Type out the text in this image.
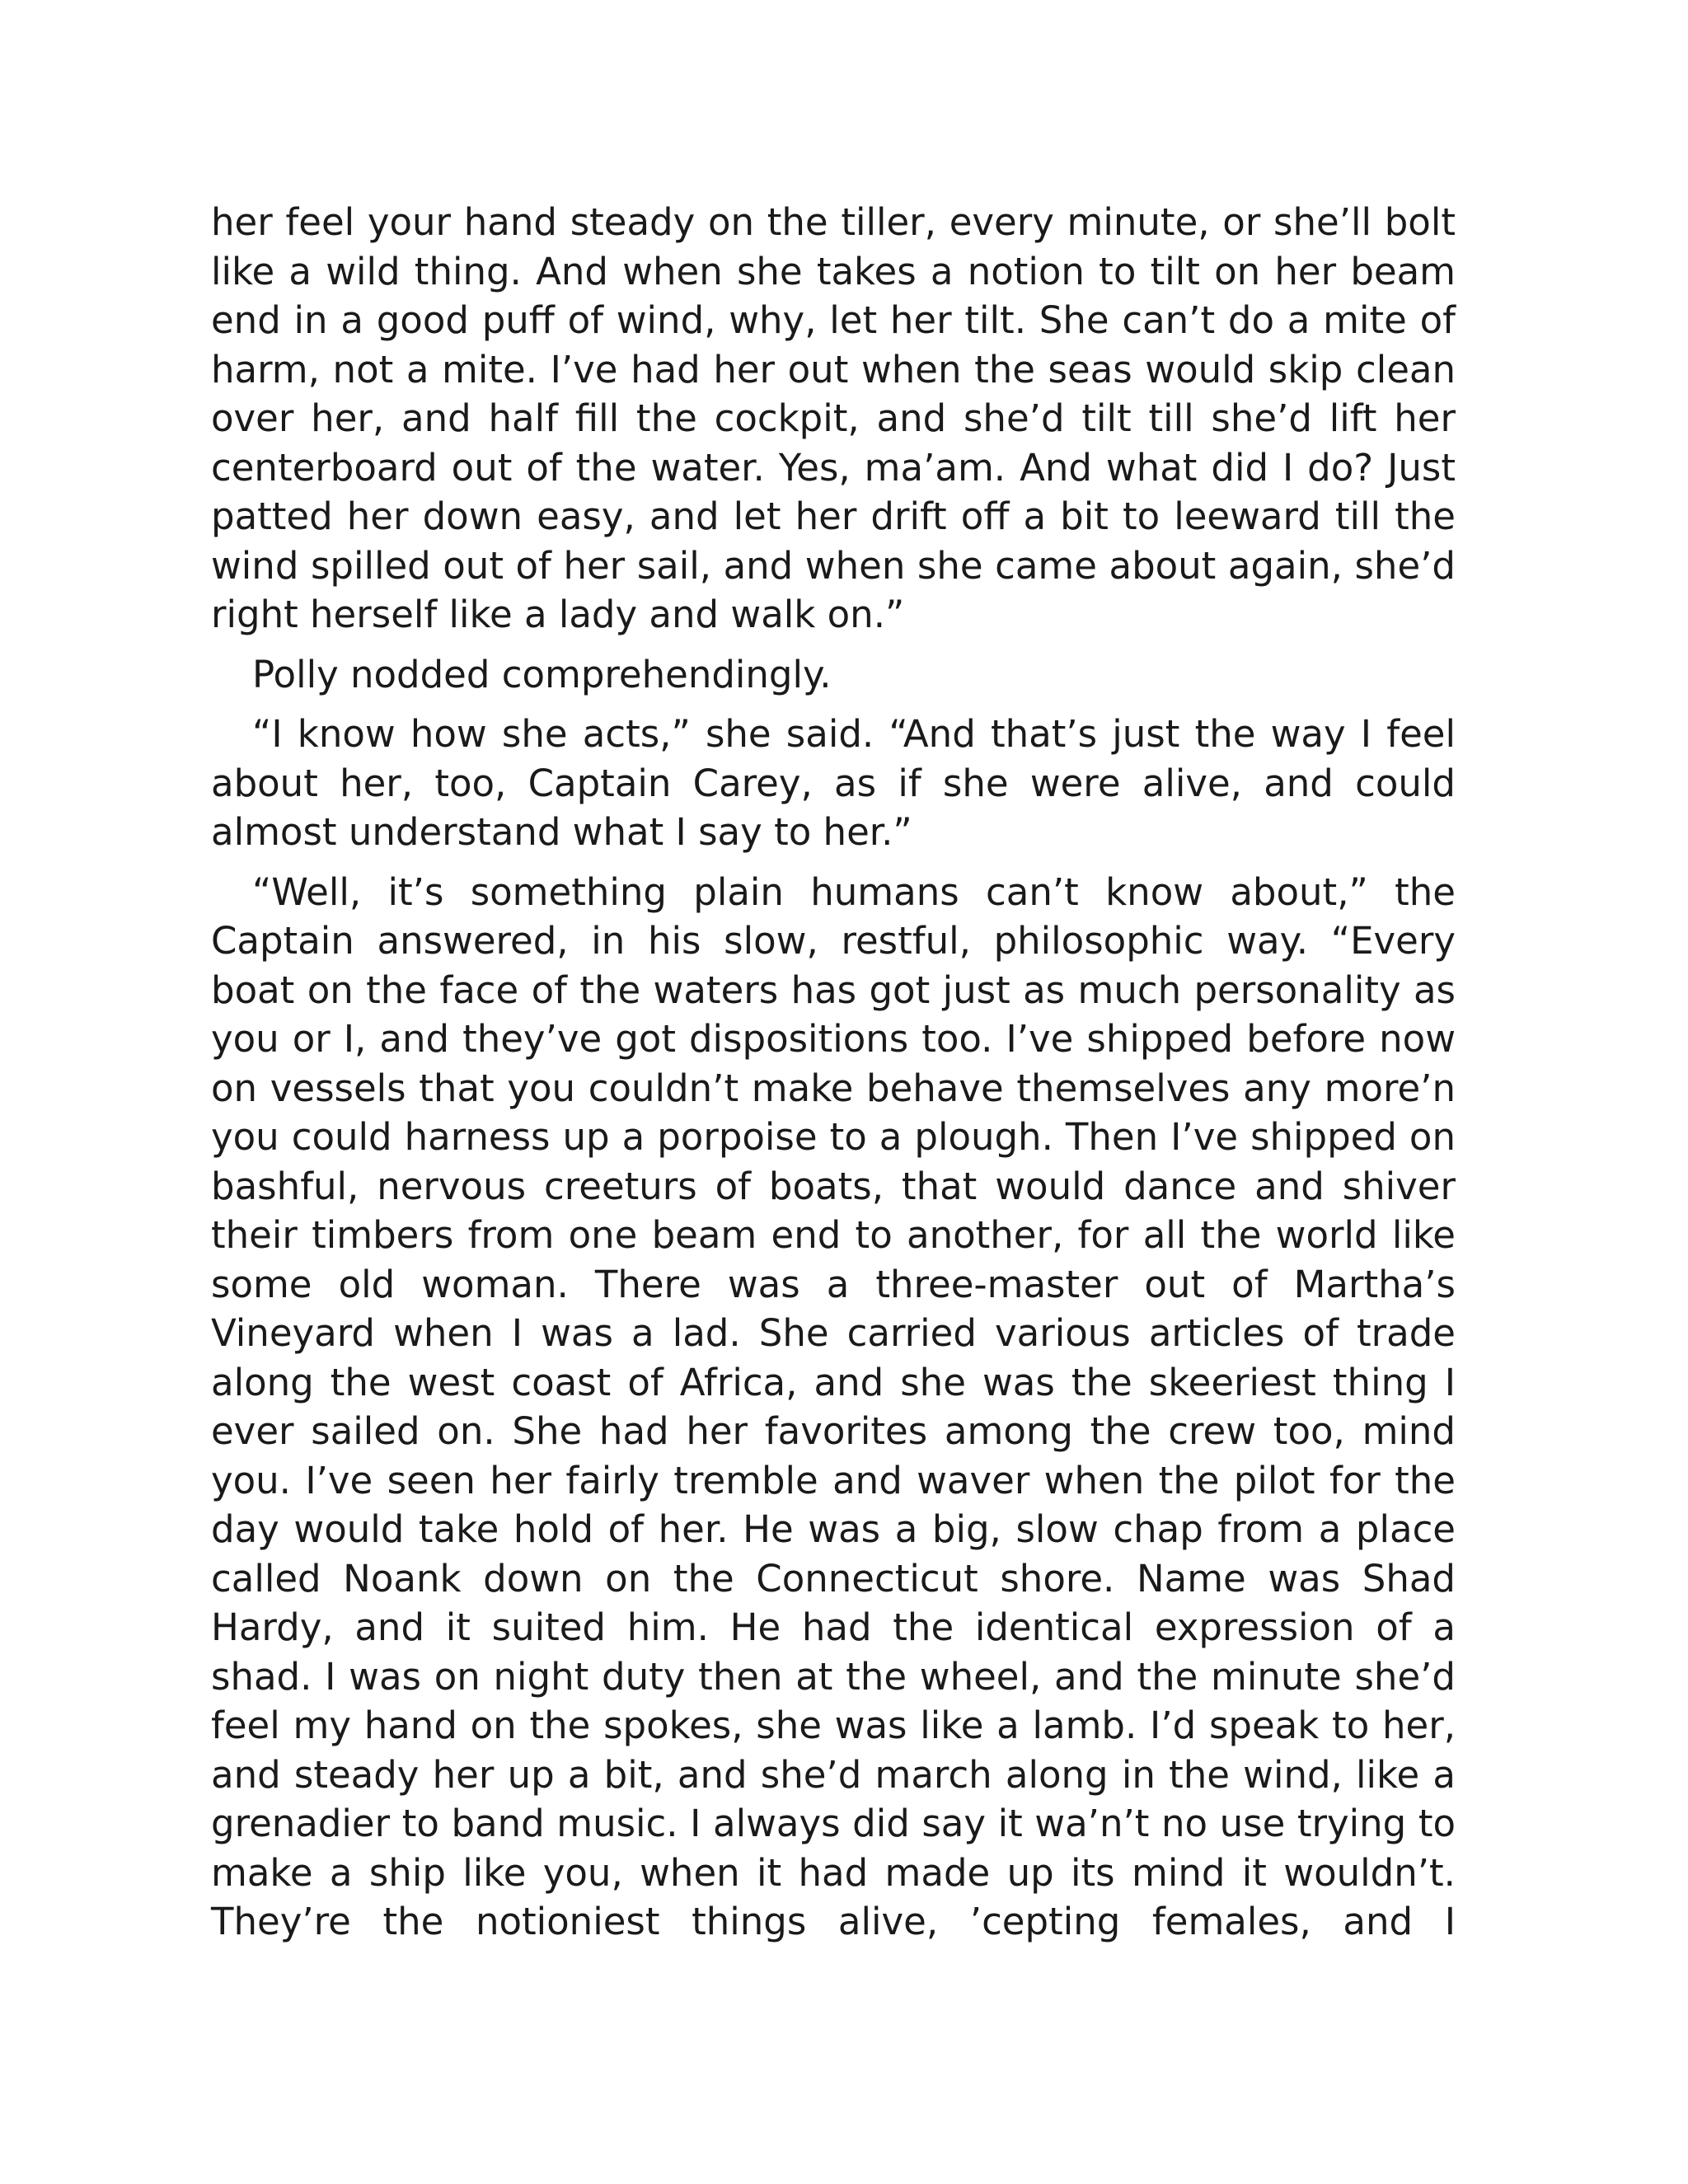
her feel your hand steady on the tiller, every minute, or she’ll bolt like a wild thing. And when she takes a notion to tilt on her beam end in a good puff of wind, why, let her tilt. She can’t do a mite of harm, not a mite. I’ve had her out when the seas would skip clean over her, and half fill the cockpit, and she’d tilt till she’d lift her centerboard out of the water. Yes, ma’am. And what did I do? Just patted her down easy, and let her drift off a bit to leeward till the wind spilled out of her sail, and when she came about again, she’d right herself like a lady and walk on.”

Polly nodded comprehendingly.

“I know how she acts,” she said. “And that’s just the way I feel about her, too, Captain Carey, as if she were alive, and could almost understand what I say to her.”

“Well, it’s something plain humans can’t know about,” the Captain answered, in his slow, restful, philosophic way. “Every boat on the face of the waters has got just as much personality as you or I, and they’ve got dispositions too. I’ve shipped before now on vessels that you couldn’t make behave themselves any more’n you could harness up a porpoise to a plough. Then I’ve shipped on bashful, nervous creeturs of boats, that would dance and shiver their timbers from one beam end to another, for all the world like some old woman. There was a three-master out of Martha’s Vineyard when I was a lad. She carried various articles of trade along the west coast of Africa, and she was the skeeriest thing I ever sailed on. She had her favorites among the crew too, mind you. I’ve seen her fairly tremble and waver when the pilot for the day would take hold of her. He was a big, slow chap from a place called Noank down on the Connecticut shore. Name was Shad Hardy, and it suited him. He had the identical expression of a shad. I was on night duty then at the wheel, and the minute she’d feel my hand on the spokes, she was like a lamb. I’d speak to her, and steady her up a bit, and she’d march along in the wind, like a grenadier to band music. I always did say it wa’n’t no use trying to make a ship like you, when it had made up its mind it wouldn’t. They’re the notioniest things alive, ’cepting females, and I
